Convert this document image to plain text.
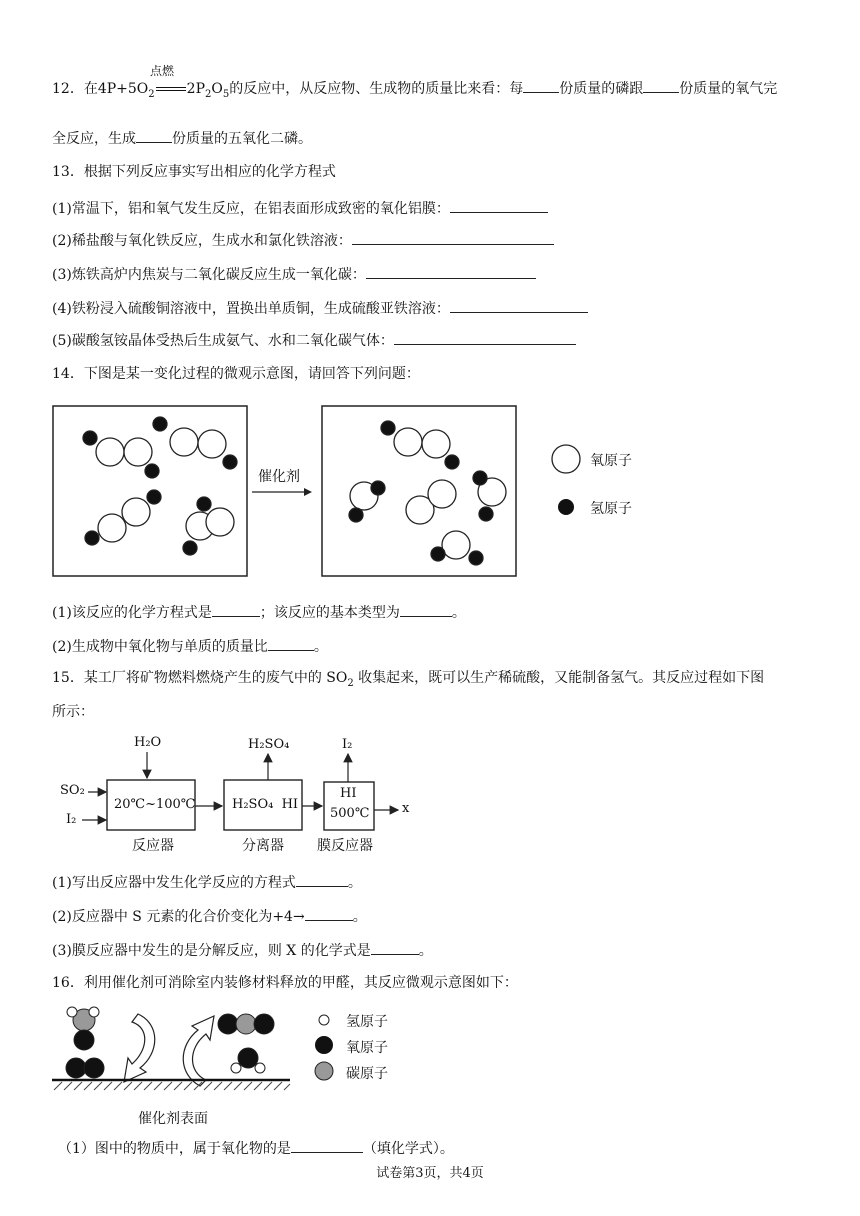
点燃
12．在$4P+5O_2$ $2P_2O_5$的反应中，从反应物、生成物的质量比来看：每	份质量的磷跟	份质量的氧气完
全反应，生成	份质量的五氧化二磷。
13．根据下列反应事实写出相应的化学方程式
(1)常温下，铝和氧气发生反应，在铝表面形成致密的氧化铝膜：
(2)稀盐酸与氧化铁反应，生成水和氯化铁溶液：
(3)炼铁高炉内焦炭与二氧化碳反应生成一氧化碳：
(4)铁粉浸入硫酸铜溶液中，置换出单质铜，生成硫酸亚铁溶液：
(5)碳酸氢铵晶体受热后生成氨气、水和二氧化碳气体：
14．下图是某一变化过程的微观示意图，请回答下列问题：
催化剂
氧原子
氢原子
(1)该反应的化学方程式是	；该反应的基本类型为	。
(2)生成物中氧化物与单质的质量比	。
15．某工厂将矿物燃料燃烧产生的废气中的 $SO_2$ 收集起来，既可以生产稀硫酸，又能制备氢气。其反应过程如下图
所示：
H₂O
SO₂
I₂
20℃~100℃
反应器
H₂SO₄
H₂SO₄  HI
分离器
I₂
HI
500℃
膜反应器
x
(1)写出反应器中发生化学反应的方程式	。
(2)反应器中 S 元素的化合价变化为+4→	。
(3)膜反应器中发生的是分解反应，则 X 的化学式是	。
16．利用催化剂可消除室内装修材料释放的甲醛，其反应微观示意图如下：
氢原子
氧原子
碳原子
催化剂表面
（1）图中的物质中，属于氧化物的是	（填化学式）。
试卷第3页，共4页
